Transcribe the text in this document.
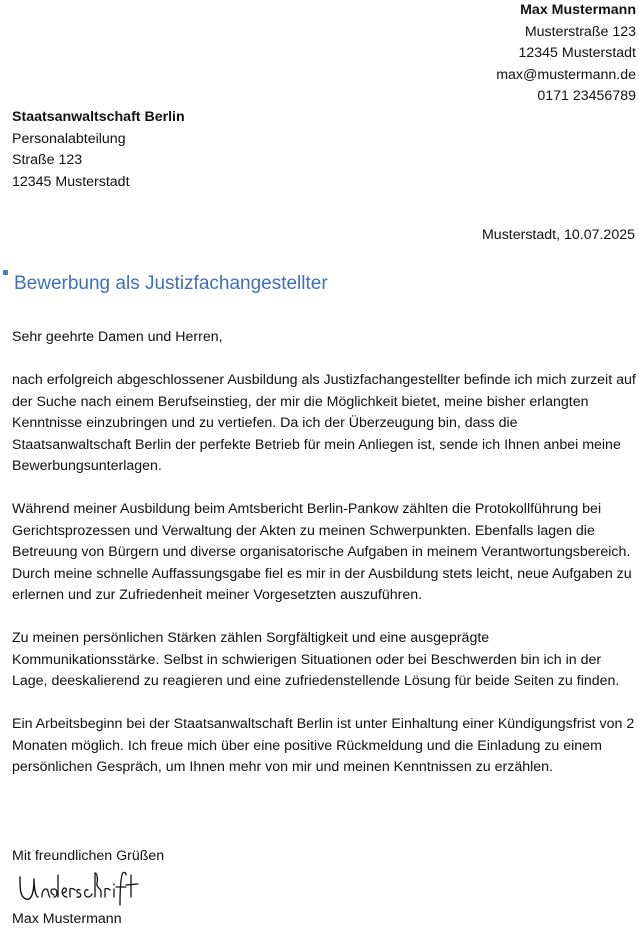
Max Mustermann
Musterstraße 123
12345 Musterstadt
max@mustermann.de
0171 23456789
Staatsanwaltschaft Berlin
Personalabteilung
Straße 123
12345 Musterstadt
Musterstadt, 10.07.2025
Bewerbung als Justizfachangestellter

Sehr geehrte Damen und Herren,

nach erfolgreich abgeschlossener Ausbildung als Justizfachangestellter befinde ich mich zurzeit auf der Suche nach einem Berufseinstieg, der mir die Möglichkeit bietet, meine bisher erlangten Kenntnisse einzubringen und zu vertiefen. Da ich der Überzeugung bin, dass die Staatsanwaltschaft Berlin der perfekte Betrieb für mein Anliegen ist, sende ich Ihnen anbei meine Bewerbungsunterlagen.

Während meiner Ausbildung beim Amtsbericht Berlin-Pankow zählten die Protokollführung bei Gerichtsprozessen und Verwaltung der Akten zu meinen Schwerpunkten. Ebenfalls lagen die Betreuung von Bürgern und diverse organisatorische Aufgaben in meinem Verantwortungsbereich. Durch meine schnelle Auffassungsgabe fiel es mir in der Ausbildung stets leicht, neue Aufgaben zu erlernen und zur Zufriedenheit meiner Vorgesetzten auszuführen.

Zu meinen persönlichen Stärken zählen Sorgfältigkeit und eine ausgeprägte Kommunikationsstärke. Selbst in schwierigen Situationen oder bei Beschwerden bin ich in der Lage, deeskalierend zu reagieren und eine zufriedenstellende Lösung für beide Seiten zu finden.

Ein Arbeitsbeginn bei der Staatsanwaltschaft Berlin ist unter Einhaltung einer Kündigungsfrist von 2 Monaten möglich. Ich freue mich über eine positive Rückmeldung und die Einladung zu einem persönlichen Gespräch, um Ihnen mehr von mir und meinen Kenntnissen zu erzählen.

Mit freundlichen Grüßen
Max Mustermann
